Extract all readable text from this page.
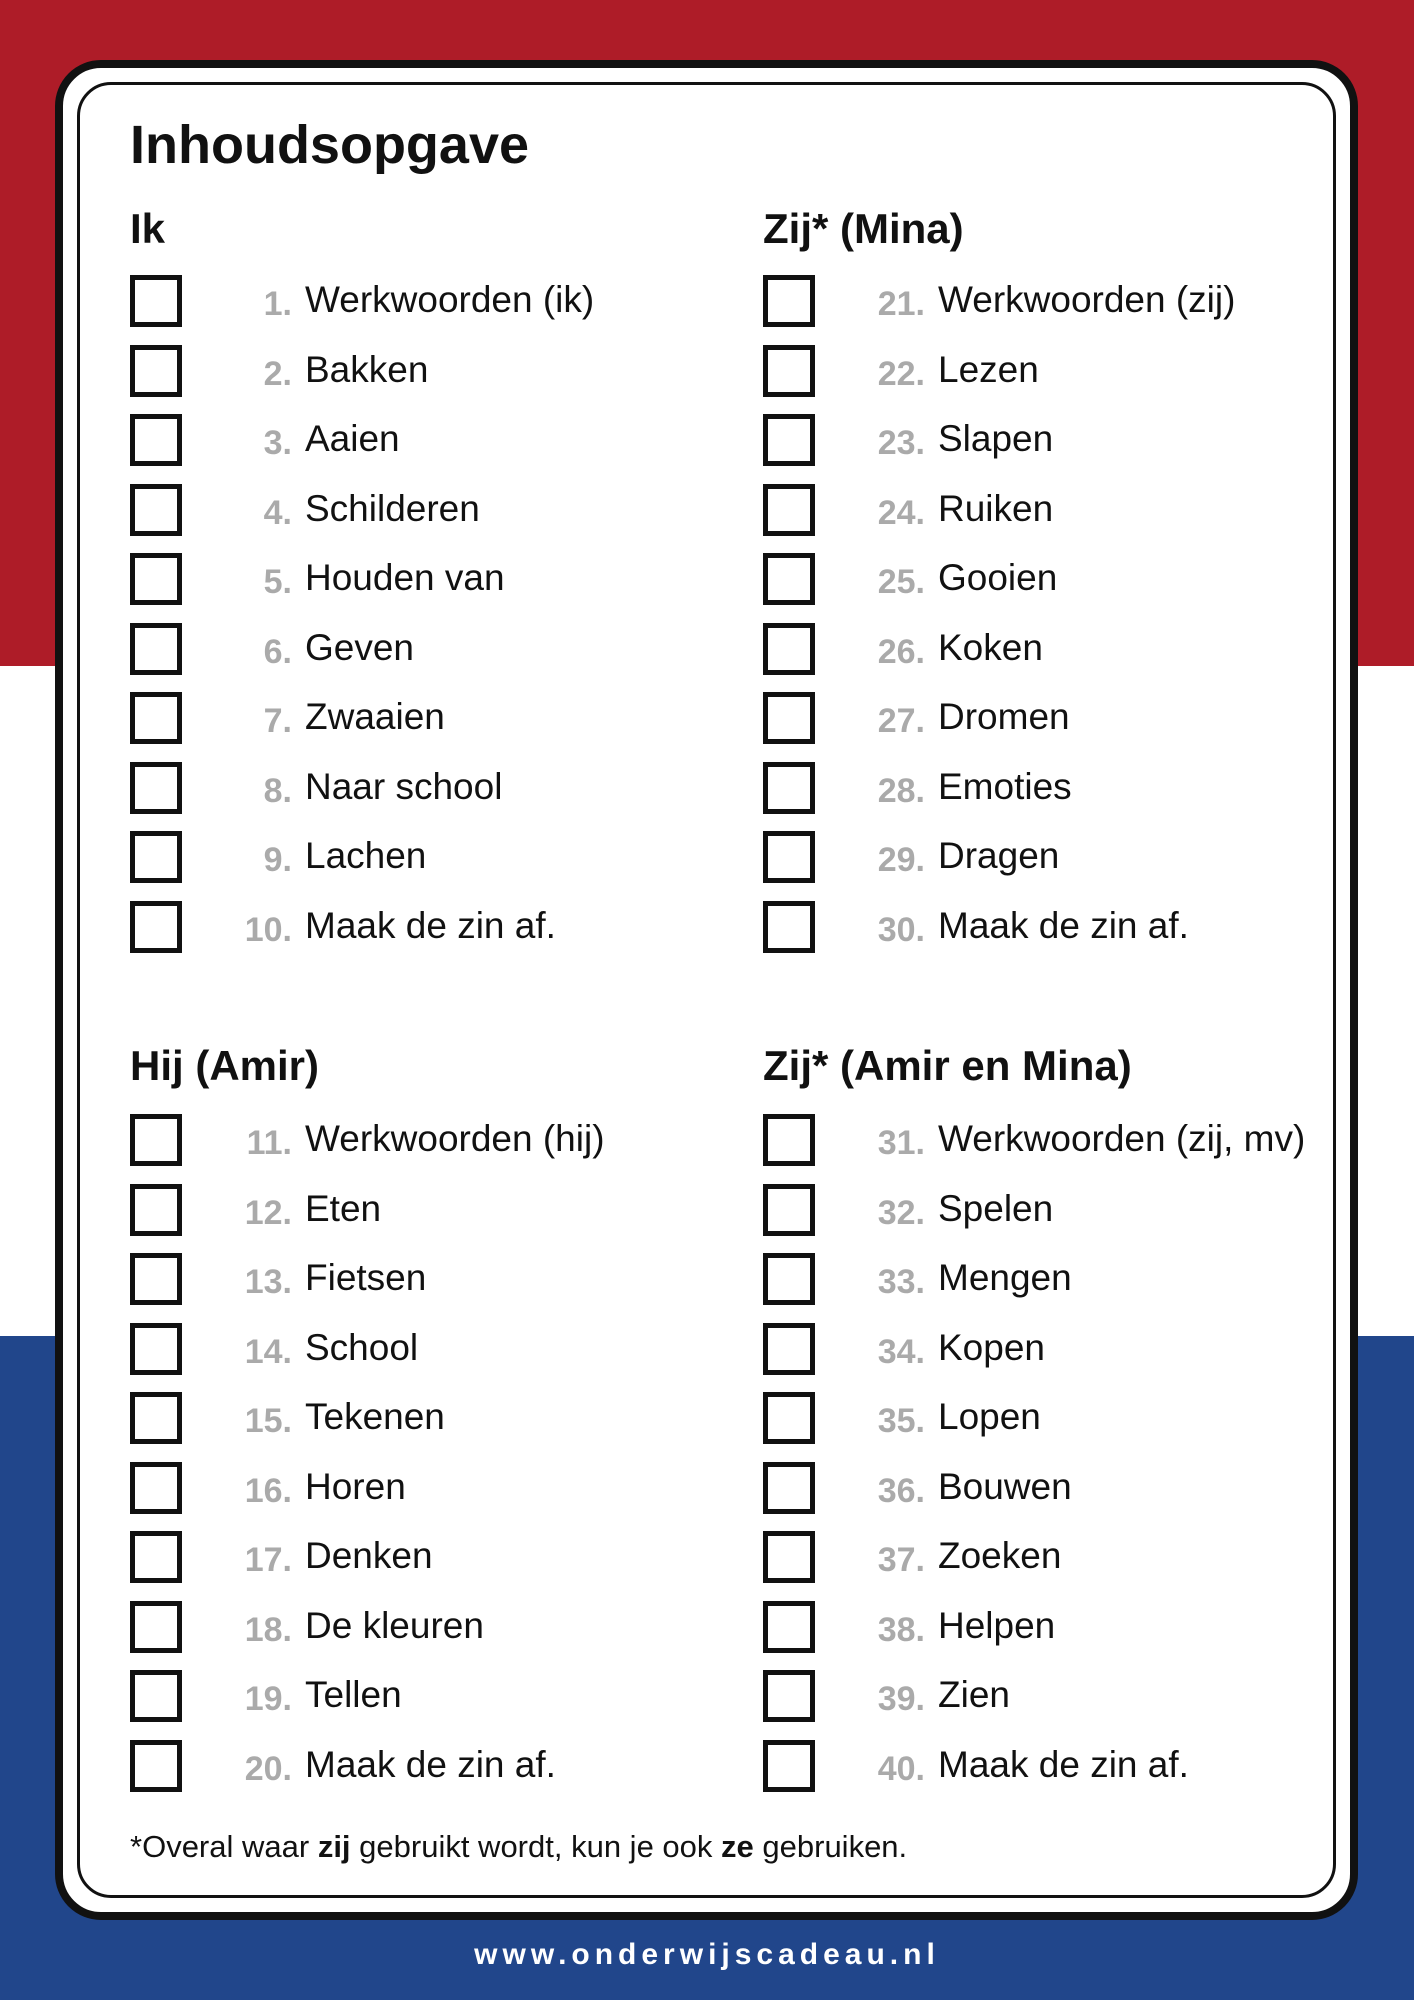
Inhoudsopgave
Ik
1. Werkwoorden (ik)
2. Bakken
3. Aaien
4. Schilderen
5. Houden van
6. Geven
7. Zwaaien
8. Naar school
9. Lachen
10. Maak de zin af.
Zij* (Mina)
21. Werkwoorden (zij)
22. Lezen
23. Slapen
24. Ruiken
25. Gooien
26. Koken
27. Dromen
28. Emoties
29. Dragen
30. Maak de zin af.
Hij (Amir)
11. Werkwoorden (hij)
12. Eten
13. Fietsen
14. School
15. Tekenen
16. Horen
17. Denken
18. De kleuren
19. Tellen
20. Maak de zin af.
Zij* (Amir en Mina)
31. Werkwoorden (zij, mv)
32. Spelen
33. Mengen
34. Kopen
35. Lopen
36. Bouwen
37. Zoeken
38. Helpen
39. Zien
40. Maak de zin af.

*Overal waar zij gebruikt wordt, kun je ook ze gebruiken.

www.onderwijscadeau.nl
